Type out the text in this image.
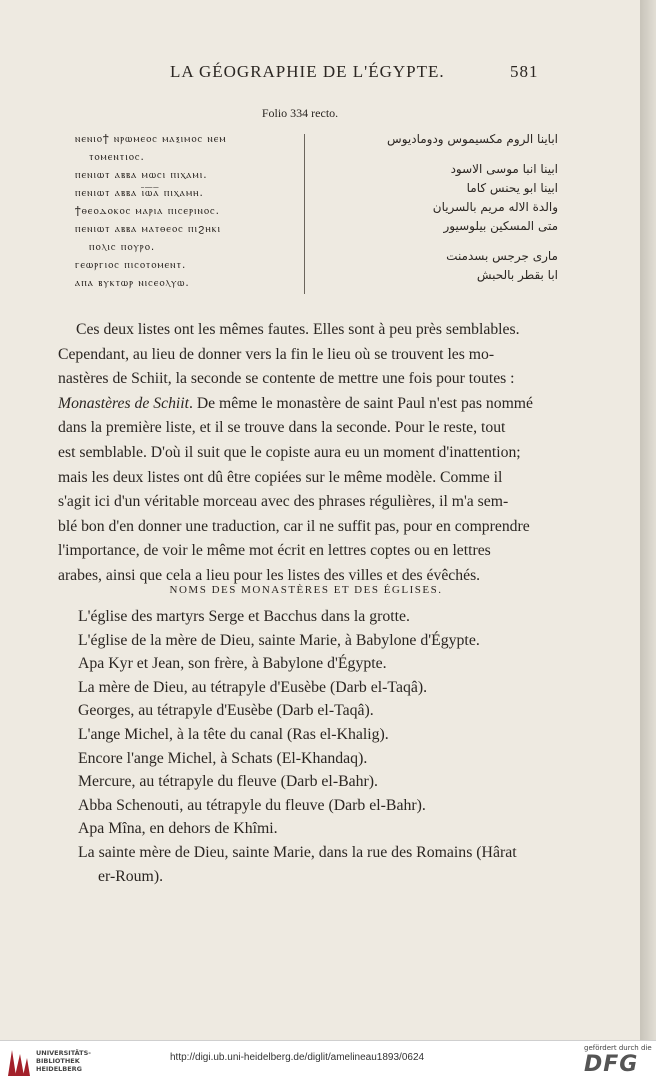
LA GÉOGRAPHIE DE L'ÉGYPTE.	581
Folio 334 recto.
ⲛⲉⲛⲓⲟϯ ⲛⲣⲱⲙⲉⲟⲥ ⲙⲁⲝⲓⲙⲟⲥ ⲛⲉⲙ
ⲧⲟⲙⲉⲛⲧⲓⲟⲥ.
ⲡⲉⲛⲓⲱⲧ ⲁⲃⲃⲁ ⲙⲱⲥⲓ ⲡⲓⲭⲁⲙⲓ.
ⲡⲉⲛⲓⲱⲧ ⲁⲃⲃⲁ ⲓ̅ⲱ̅ⲁ̅ ⲡⲓⲭⲁⲙⲏ.
ϯⲑⲉⲟⲇⲟⲕⲟⲥ ⲙⲁⲣⲓⲁ ⲡⲓⲥⲉⲣⲓⲛⲟⲥ.
ⲡⲉⲛⲓⲱⲧ ⲁⲃⲃⲁ ⲙⲁⲧⲑⲉⲟⲥ ⲡⲓϩⲏⲕⲓ
ⲡⲟⲗⲓⲥ ⲡⲟⲩⲣⲟ.
ⲅⲉⲱⲣⲅⲓⲟⲥ ⲡⲓⲥⲟⲧⲟⲙⲉⲛⲧ.
ⲁⲡⲁ ⲃⲩⲕⲧⲱⲣ ⲛⲓⲥⲉⲟⲗⲩⲱ.
اباينا الروم مكسيموس ودوماديوس
ابينا انبا موسى الاسود
ابينا ابو يحنس كاما
والدة الاله مريم بالسريان
متى المسكين بيلوسيور
مارى جرجس بسدمنت
ابا بقطر بالحبش
Ces deux listes ont les mêmes fautes. Elles sont à peu près semblables.
Cependant, au lieu de donner vers la fin le lieu où se trouvent les mo-
nastères de Schiit, la seconde se contente de mettre une fois pour toutes :
Monastères de Schiit. De même le monastère de saint Paul n'est pas nommé
dans la première liste, et il se trouve dans la seconde. Pour le reste, tout
est semblable. D'où il suit que le copiste aura eu un moment d'inattention;
mais les deux listes ont dû être copiées sur le même modèle. Comme il
s'agit ici d'un véritable morceau avec des phrases régulières, il m'a sem-
blé bon d'en donner une traduction, car il ne suffit pas, pour en comprendre
l'importance, de voir le même mot écrit en lettres coptes ou en lettres
arabes, ainsi que cela a lieu pour les listes des villes et des évêchés.
NOMS DES MONASTÈRES ET DES ÉGLISES.
L'église des martyrs Serge et Bacchus dans la grotte.
L'église de la mère de Dieu, sainte Marie, à Babylone d'Égypte.
Apa Kyr et Jean, son frère, à Babylone d'Égypte.
La mère de Dieu, au tétrapyle d'Eusèbe (Darb el-Taqâ).
Georges, au tétrapyle d'Eusèbe (Darb el-Taqâ).
L'ange Michel, à la tête du canal (Ras el-Khalig).
Encore l'ange Michel, à Schats (El-Khandaq).
Mercure, au tétrapyle du fleuve (Darb el-Bahr).
Abba Schenouti, au tétrapyle du fleuve (Darb el-Bahr).
Apa Mîna, en dehors de Khîmi.
La sainte mère de Dieu, sainte Marie, dans la rue des Romains (Hârat
er-Roum).
UNIVERSITÄTS-
BIBLIOTHEK
HEIDELBERG
http://digi.ub.uni-heidelberg.de/diglit/amelineau1893/0624
gefördert durch die
DFG
